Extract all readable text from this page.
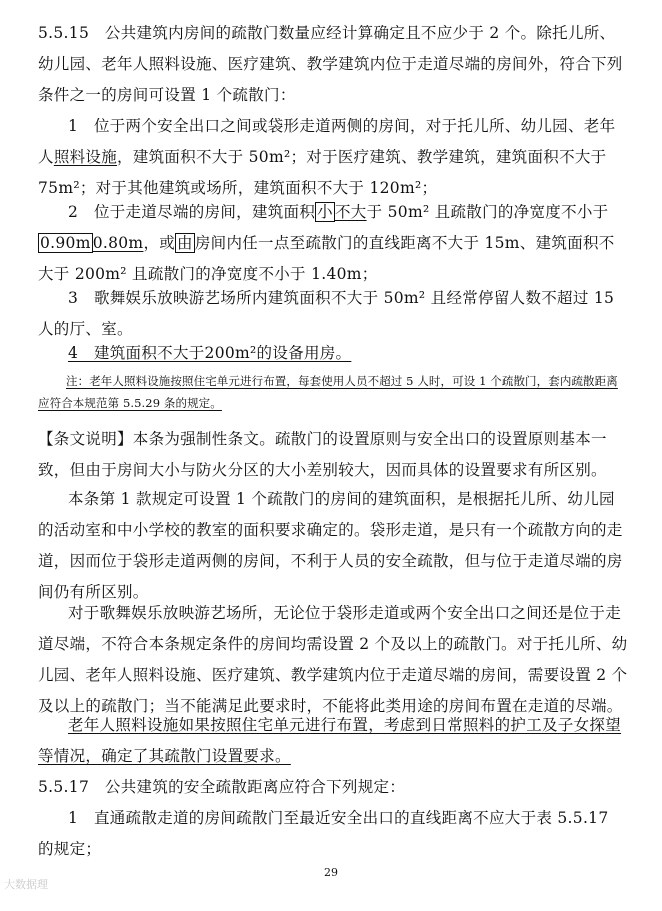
5.5.15　 公共建筑内房间的疏散门数量应经计算确定且不应少于 2 个。除托儿所、幼儿园、老年人照料设施、医疗建筑、教学建筑内位于走道尽端的房间外，符合下列条件之一的房间可设置 1 个疏散门：

1　位于两个安全出口之间或袋形走道两侧的房间，对于托儿所、幼儿园、老年人照料设施，建筑面积不大于 50m²；对于医疗建筑、教学建筑，建筑面积不大于 75m²；对于其他建筑或场所，建筑面积不大于 120m²；

2　位于走道尽端的房间，建筑面积 小 不大于 50m² 且疏散门的净宽度不小于 0.90m 0.80m，或 由 房间内任一点至疏散门的直线距离不大于 15m、建筑面积不大于 200m² 且疏散门的净宽度不小于 1.40m；

3　歌舞娱乐放映游艺场所内建筑面积不大于 50m² 且经常停留人数不超过 15 人的厅、室。

4　建筑面积不大于200m²的设备用房。

注：老年人照料设施按照住宅单元进行布置，每套使用人员不超过 5 人时，可设 1 个疏散门，套内疏散距离应符合本规范第 5.5.29 条的规定。

【条文说明】本条为强制性条文。疏散门的设置原则与安全出口的设置原则基本一致，但由于房间大小与防火分区的大小差别较大，因而具体的设置要求有所区别。

本条第 1 款规定可设置 1 个疏散门的房间的建筑面积，是根据托儿所、幼儿园的活动室和中小学校的教室的面积要求确定的。袋形走道，是只有一个疏散方向的走道，因而位于袋形走道两侧的房间，不利于人员的安全疏散，但与位于走道尽端的房间仍有所区别。

对于歌舞娱乐放映游艺场所，无论位于袋形走道或两个安全出口之间还是位于走道尽端，不符合本条规定条件的房间均需设置 2 个及以上的疏散门。对于托儿所、幼儿园、老年人照料设施、医疗建筑、教学建筑内位于走道尽端的房间，需要设置 2 个及以上的疏散门；当不能满足此要求时，不能将此类用途的房间布置在走道的尽端。

老年人照料设施如果按照住宅单元进行布置，考虑到日常照料的护工及子女探望等情况，确定了其疏散门设置要求。

5.5.17　 公共建筑的安全疏散距离应符合下列规定：

1　直通疏散走道的房间疏散门至最近安全出口的直线距离不应大于表 5.5.17 的规定；

29
大数据理
